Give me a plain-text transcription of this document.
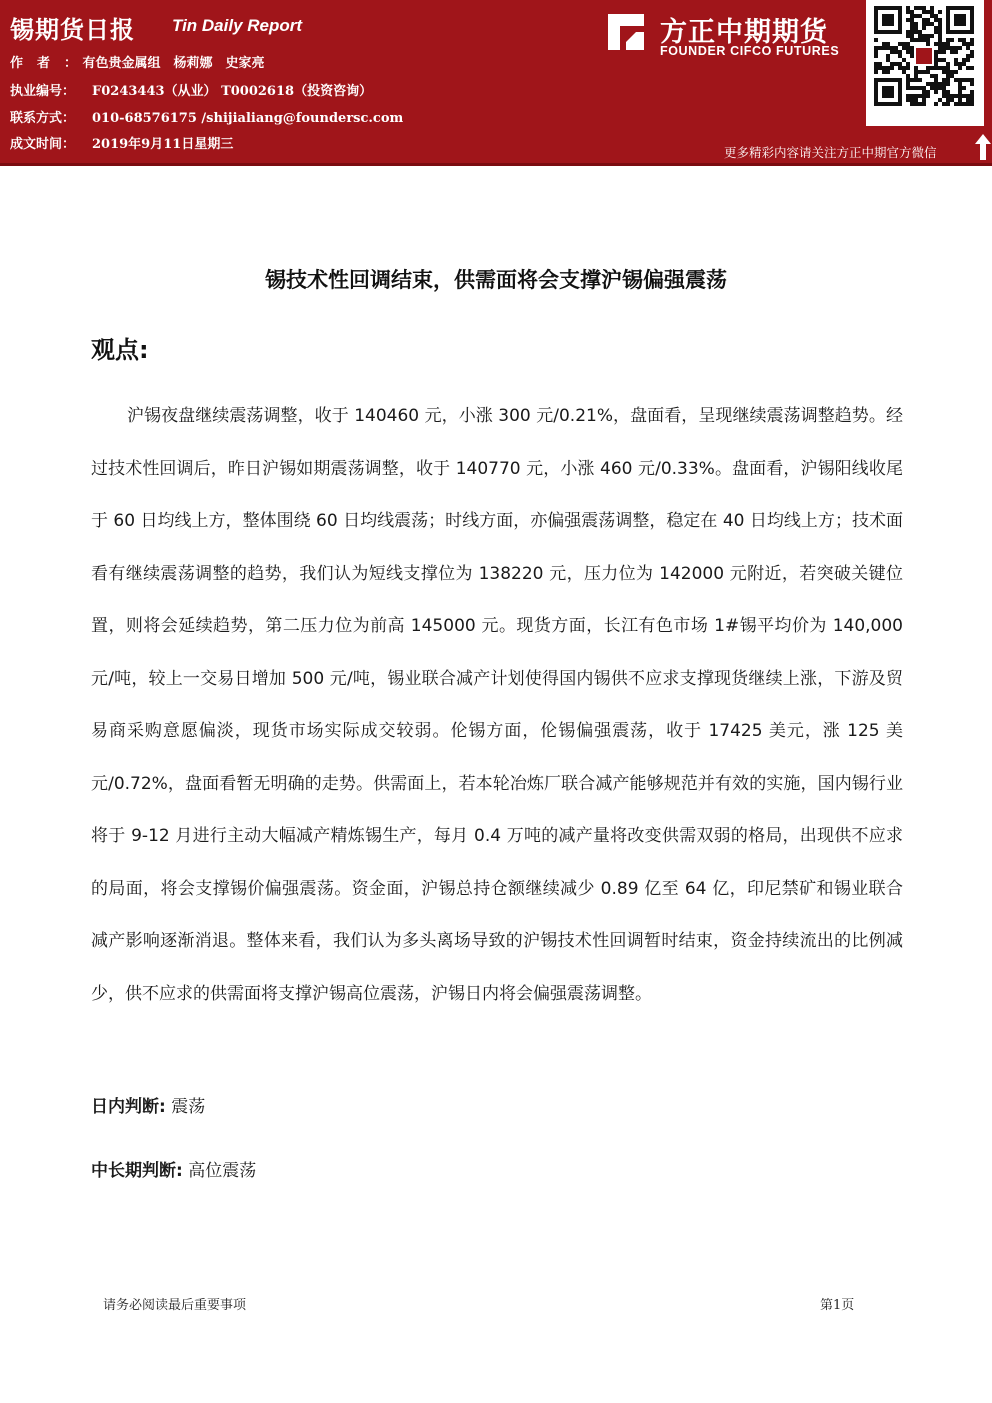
锡期货日报 Tin Daily Report
作者： 有色贵金属组　杨莉娜　史家亮
执业编号： F0243443（从业） T0002618（投资咨询）
联系方式： 010-68576175 /shijialiang@foundersc.com
成文时间： 2019年9月11日星期三
方正中期期货
FOUNDER CIFCO FUTURES
更多精彩内容请关注方正中期官方微信
锡技术性回调结束，供需面将会支撑沪锡偏强震荡
观点:

沪锡夜盘继续震荡调整，收于 140460 元，小涨 300 元/0.21%，盘面看，呈现继续震荡调整趋势。经过技术性回调后，昨日沪锡如期震荡调整，收于 140770 元，小涨 460 元/0.33%。盘面看，沪锡阳线收尾于 60 日均线上方，整体围绕 60 日均线震荡；时线方面，亦偏强震荡调整，稳定在 40 日均线上方；技术面看有继续震荡调整的趋势，我们认为短线支撑位为 138220 元，压力位为 142000 元附近，若突破关键位置，则将会延续趋势，第二压力位为前高 145000 元。现货方面，长江有色市场 1#锡平均价为 140,000 元/吨，较上一交易日增加 500 元/吨，锡业联合减产计划使得国内锡供不应求支撑现货继续上涨，下游及贸易商采购意愿偏淡，现货市场实际成交较弱。伦锡方面，伦锡偏强震荡，收于 17425 美元，涨 125 美元/0.72%，盘面看暂无明确的走势。供需面上，若本轮冶炼厂联合减产能够规范并有效的实施，国内锡行业将于 9-12 月进行主动大幅减产精炼锡生产，每月 0.4 万吨的减产量将改变供需双弱的格局，出现供不应求的局面，将会支撑锡价偏强震荡。资金面，沪锡总持仓额继续减少 0.89 亿至 64 亿，印尼禁矿和锡业联合减产影响逐渐消退。整体来看，我们认为多头离场导致的沪锡技术性回调暂时结束，资金持续流出的比例减少，供不应求的供需面将支撑沪锡高位震荡，沪锡日内将会偏强震荡调整。

日内判断: 震荡
中长期判断: 高位震荡
请务必阅读最后重要事项	第1页
